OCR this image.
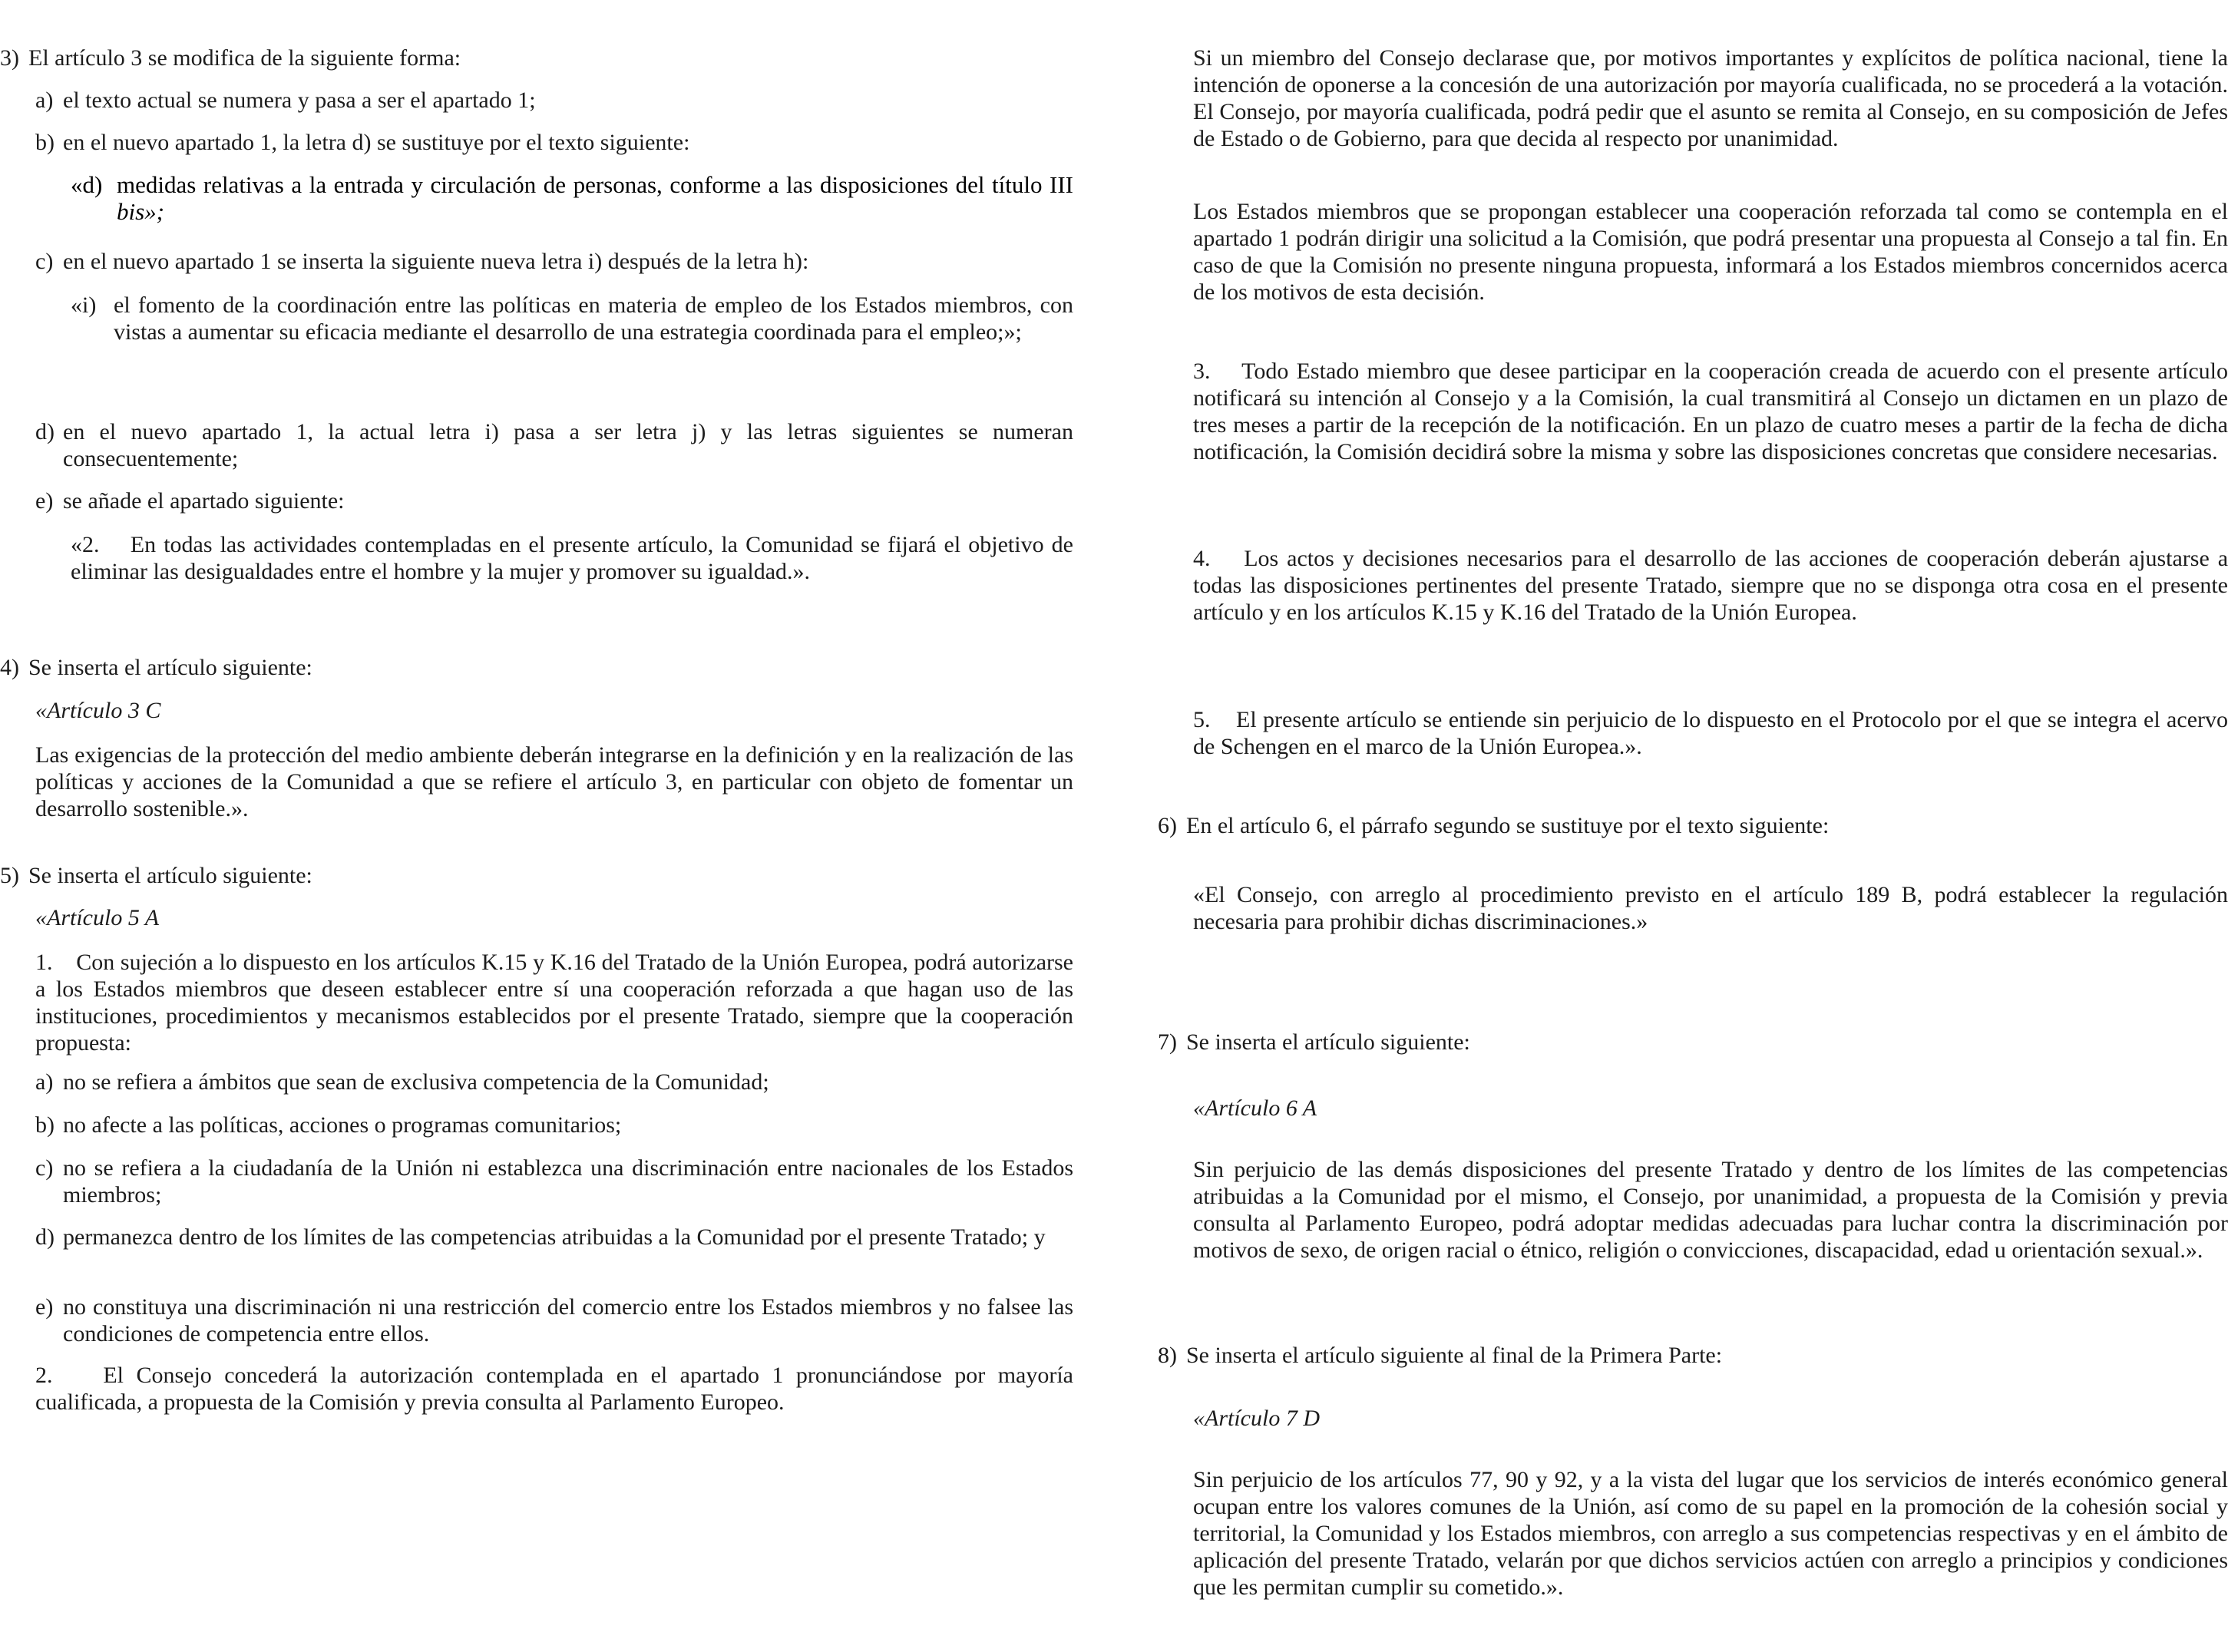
3) El artículo 3 se modifica de la siguiente forma:
a) el texto actual se numera y pasa a ser el apartado 1;
b) en el nuevo apartado 1, la letra d) se sustituye por el texto siguiente:
«d) medidas relativas a la entrada y circulación de personas, conforme a las disposiciones del título III bis»;
c) en el nuevo apartado 1 se inserta la siguiente nueva letra i) después de la letra h):
«i) el fomento de la coordinación entre las políticas en materia de empleo de los Estados miembros, con vistas a aumentar su eficacia mediante el desarrollo de una estrategia coordinada para el empleo;»;
d) en el nuevo apartado 1, la actual letra i) pasa a ser letra j) y las letras siguientes se numeran consecuentemente;
e) se añade el apartado siguiente:
«2. En todas las actividades contempladas en el presente artículo, la Comunidad se fijará el objetivo de eliminar las desigualdades entre el hombre y la mujer y promover su igualdad.».
4) Se inserta el artículo siguiente:
«Artículo 3 C
Las exigencias de la protección del medio ambiente deberán integrarse en la definición y en la realización de las políticas y acciones de la Comunidad a que se refiere el artículo 3, en particular con objeto de fomentar un desarrollo sostenible.».
5) Se inserta el artículo siguiente:
«Artículo 5 A
1. Con sujeción a lo dispuesto en los artículos K.15 y K.16 del Tratado de la Unión Europea, podrá autorizarse a los Estados miembros que deseen establecer entre sí una cooperación reforzada a que hagan uso de las instituciones, procedimientos y mecanismos establecidos por el presente Tratado, siempre que la cooperación propuesta:
a) no se refiera a ámbitos que sean de exclusiva competencia de la Comunidad;
b) no afecte a las políticas, acciones o programas comunitarios;
c) no se refiera a la ciudadanía de la Unión ni establezca una discriminación entre nacionales de los Estados miembros;
d) permanezca dentro de los límites de las competencias atribuidas a la Comunidad por el presente Tratado; y
e) no constituya una discriminación ni una restricción del comercio entre los Estados miembros y no falsee las condiciones de competencia entre ellos.
2. El Consejo concederá la autorización contemplada en el apartado 1 pronunciándose por mayoría cualificada, a propuesta de la Comisión y previa consulta al Parlamento Europeo.
Si un miembro del Consejo declarase que, por motivos importantes y explícitos de política nacional, tiene la intención de oponerse a la concesión de una autorización por mayoría cualificada, no se procederá a la votación. El Consejo, por mayoría cualificada, podrá pedir que el asunto se remita al Consejo, en su composición de Jefes de Estado o de Gobierno, para que decida al respecto por unanimidad.
Los Estados miembros que se propongan establecer una cooperación reforzada tal como se contempla en el apartado 1 podrán dirigir una solicitud a la Comisión, que podrá presentar una propuesta al Consejo a tal fin. En caso de que la Comisión no presente ninguna propuesta, informará a los Estados miembros concernidos acerca de los motivos de esta decisión.
3. Todo Estado miembro que desee participar en la cooperación creada de acuerdo con el presente artículo notificará su intención al Consejo y a la Comisión, la cual transmitirá al Consejo un dictamen en un plazo de tres meses a partir de la recepción de la notificación. En un plazo de cuatro meses a partir de la fecha de dicha notificación, la Comisión decidirá sobre la misma y sobre las disposiciones concretas que considere necesarias.
4. Los actos y decisiones necesarios para el desarrollo de las acciones de cooperación deberán ajustarse a todas las disposiciones pertinentes del presente Tratado, siempre que no se disponga otra cosa en el presente artículo y en los artículos K.15 y K.16 del Tratado de la Unión Europea.
5. El presente artículo se entiende sin perjuicio de lo dispuesto en el Protocolo por el que se integra el acervo de Schengen en el marco de la Unión Europea.».
6) En el artículo 6, el párrafo segundo se sustituye por el texto siguiente:
«El Consejo, con arreglo al procedimiento previsto en el artículo 189 B, podrá establecer la regulación necesaria para prohibir dichas discriminaciones.»
7) Se inserta el artículo siguiente:
«Artículo 6 A
Sin perjuicio de las demás disposiciones del presente Tratado y dentro de los límites de las competencias atribuidas a la Comunidad por el mismo, el Consejo, por unanimidad, a propuesta de la Comisión y previa consulta al Parlamento Europeo, podrá adoptar medidas adecuadas para luchar contra la discriminación por motivos de sexo, de origen racial o étnico, religión o convicciones, discapacidad, edad u orientación sexual.».
8) Se inserta el artículo siguiente al final de la Primera Parte:
«Artículo 7 D
Sin perjuicio de los artículos 77, 90 y 92, y a la vista del lugar que los servicios de interés económico general ocupan entre los valores comunes de la Unión, así como de su papel en la promoción de la cohesión social y territorial, la Comunidad y los Estados miembros, con arreglo a sus competencias respectivas y en el ámbito de aplicación del presente Tratado, velarán por que dichos servicios actúen con arreglo a principios y condiciones que les permitan cumplir su cometido.».
